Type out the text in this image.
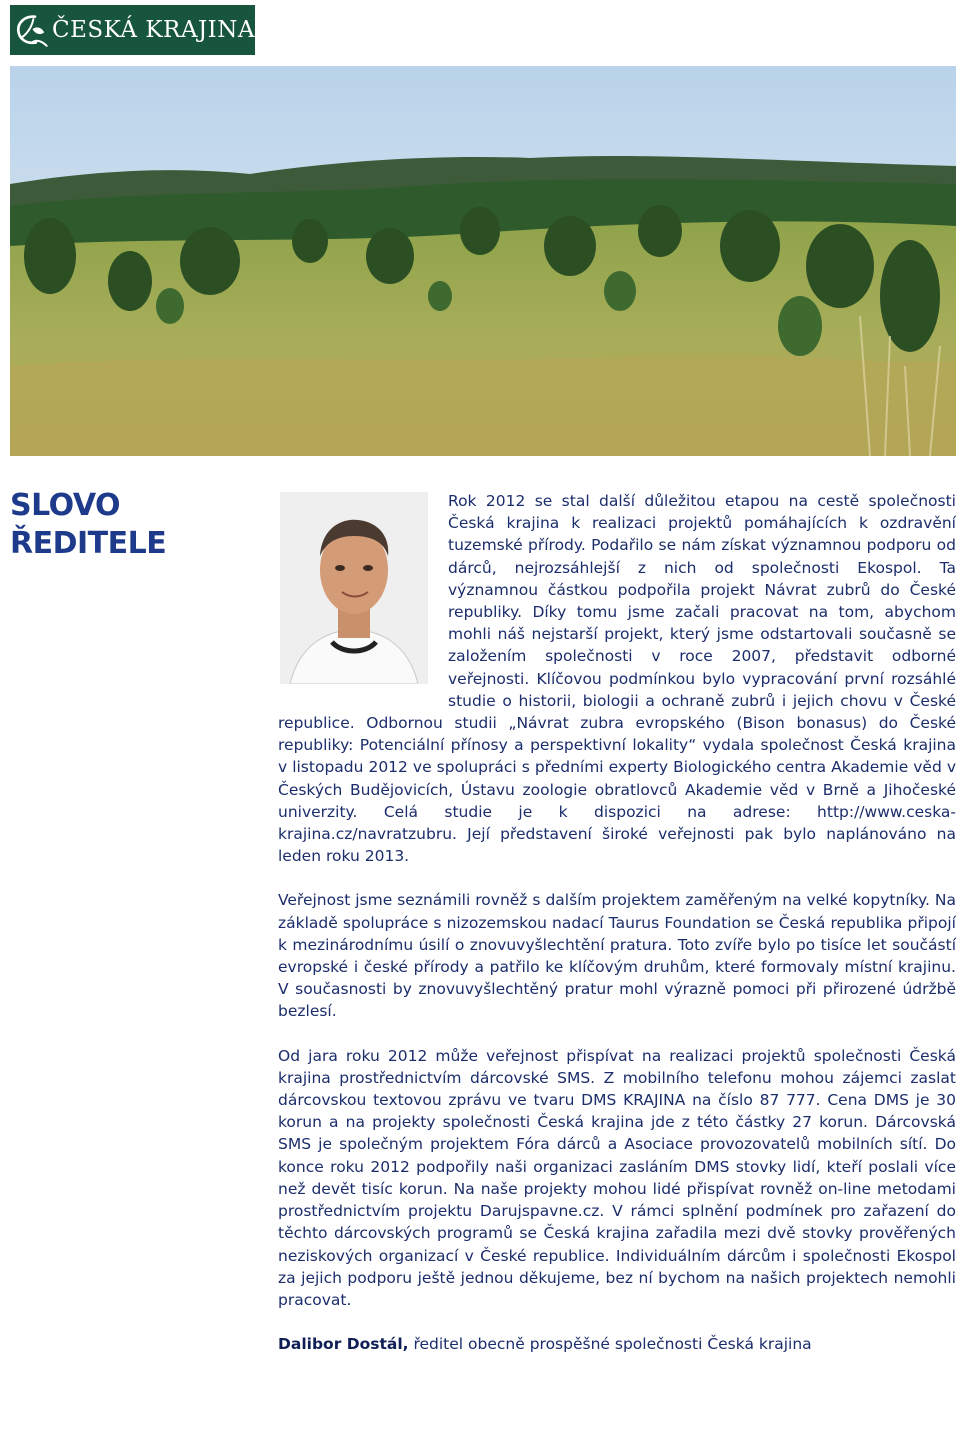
ČESKÁ KRAJINA
SLOVO
ŘEDITELE

Rok 2012 se stal další důležitou etapou na cestě společnosti Česká krajina k realizaci projektů pomáhajících k ozdravění tuzemské přírody. Podařilo se nám získat významnou podporu od dárců, nejrozsáhlejší z nich od společnosti Ekospol. Ta významnou částkou podpořila projekt Návrat zubrů do České republiky. Díky tomu jsme začali pracovat na tom, abychom mohli náš nejstarší projekt, který jsme odstartovali současně se založením společnosti v roce 2007, představit odborné veřejnosti. Klíčovou podmínkou bylo vypracování první rozsáhlé studie o historii, biologii a ochraně zubrů i jejich chovu v České republice. Odbornou studii „Návrat zubra evropského (Bison bonasus) do České republiky: Potenciální přínosy a perspektivní lokality“ vydala společnost Česká krajina v listopadu 2012 ve spolupráci s předními experty Biologického centra Akademie věd v Českých Budějovicích, Ústavu zoologie obratlovců Akademie věd v Brně a Jihočeské univerzity. Celá studie je k dispozici na adrese: http://www.ceska-krajina.cz/navratzubru. Její představení široké veřejnosti pak bylo naplánováno na leden roku 2013.

Veřejnost jsme seznámili rovněž s dalším projektem zaměřeným na velké kopytníky. Na základě spolupráce s nizozemskou nadací Taurus Foundation se Česká republika připojí k mezinárodnímu úsilí o znovuvyšlechtění pratura. Toto zvíře bylo po tisíce let součástí evropské i české přírody a patřilo ke klíčovým druhům, které formovaly místní krajinu. V současnosti by znovuvyšlechtěný pratur mohl výrazně pomoci při přirozené údržbě bezlesí.

Od jara roku 2012 může veřejnost přispívat na realizaci projektů společnosti Česká krajina prostřednictvím dárcovské SMS. Z mobilního telefonu mohou zájemci zaslat dárcovskou textovou zprávu ve tvaru DMS KRAJINA na číslo 87 777. Cena DMS je 30 korun a na projekty společnosti Česká krajina jde z této částky 27 korun. Dárcovská SMS je společným projektem Fóra dárců a Asociace provozovatelů mobilních sítí. Do konce roku 2012 podpořily naši organizaci zasláním DMS stovky lidí, kteří poslali více než devět tisíc korun. Na naše projekty mohou lidé přispívat rovněž on-line metodami prostřednictvím projektu Darujspavne.cz. V rámci splnění podmínek pro zařazení do těchto dárcovských programů se Česká krajina zařadila mezi dvě stovky prověřených neziskových organizací v České republice. Individuálním dárcům i společnosti Ekospol za jejich podporu ještě jednou děkujeme, bez ní bychom na našich projektech nemohli pracovat.

Dalibor Dostál, ředitel obecně prospěšné společnosti Česká krajina
